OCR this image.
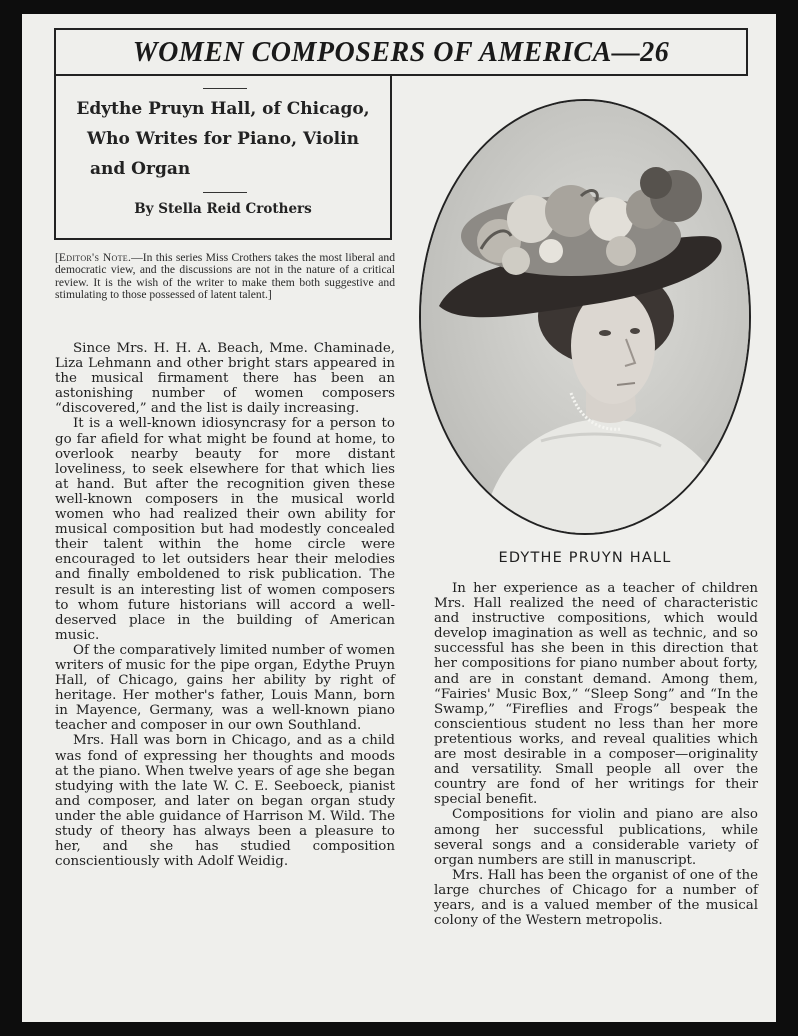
WOMEN COMPOSERS OF AMERICA—26
Edythe Pruyn Hall, of Chicago,
Who Writes for Piano, Violin
and Organ

By Stella Reid Crothers

[Editor's Note.—In this series Miss Crothers takes the most liberal and democratic view, and the discussions are not in the nature of a critical review. It is the wish of the writer to make them both suggestive and stimulating to those possessed of latent talent.]

Since Mrs. H. H. A. Beach, Mme. Chaminade, Liza Lehmann and other bright stars appeared in the musical firmament there has been an astonishing number of women composers “discovered,” and the list is daily increasing.

It is a well-known idiosyncrasy for a person to go far afield for what might be found at home, to overlook nearby beauty for more distant loveliness, to seek elsewhere for that which lies at hand. But after the recognition given these well-known composers in the musical world women who had realized their own ability for musical composition but had modestly concealed their talent within the home circle were encouraged to let outsiders hear their melodies and finally emboldened to risk publication. The result is an interesting list of women composers to whom future historians will accord a well-deserved place in the building of American music.

Of the comparatively limited number of women writers of music for the pipe organ, Edythe Pruyn Hall, of Chicago, gains her ability by right of heritage. Her mother's father, Louis Mann, born in Mayence, Germany, was a well-known piano teacher and composer in our own Southland.

Mrs. Hall was born in Chicago, and as a child was fond of expressing her thoughts and moods at the piano. When twelve years of age she began studying with the late W. C. E. Seeboeck, pianist and composer, and later on began organ study under the able guidance of Harrison M. Wild. The study of theory has always been a pleasure to her, and she has studied composition conscientiously with Adolf Weidig.

EDYTHE PRUYN HALL

In her experience as a teacher of children Mrs. Hall realized the need of characteristic and instructive compositions, which would develop imagination as well as technic, and so successful has she been in this direction that her compositions for piano number about forty, and are in constant demand. Among them, “Fairies' Music Box,” “Sleep Song” and “In the Swamp,” “Fireflies and Frogs” bespeak the conscientious student no less than her more pretentious works, and reveal qualities which are most desirable in a composer—originality and versatility. Small people all over the country are fond of her writings for their special benefit.

Compositions for violin and piano are also among her successful publications, while several songs and a considerable variety of organ numbers are still in manuscript.

Mrs. Hall has been the organist of one of the large churches of Chicago for a number of years, and is a valued member of the musical colony of the Western metropolis.
